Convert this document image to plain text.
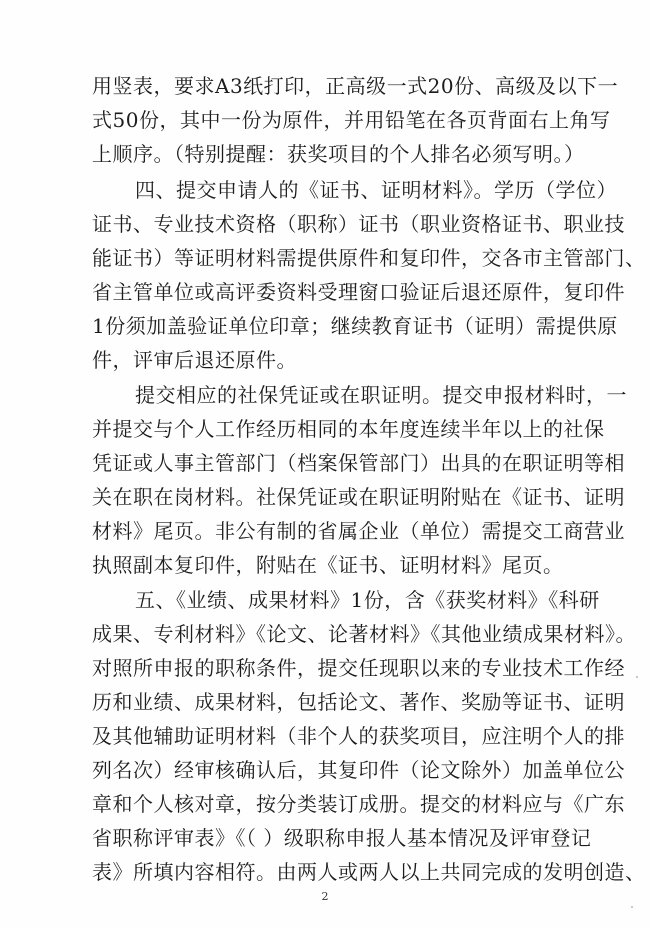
用竖表，要求A3纸打印，正高级一式20份、高级及以下一
式50份，其中一份为原件，并用铅笔在各页背面右上角写
上顺序。（特别提醒：获奖项目的个人排名必须写明。）
四、提交申请人的《证书、证明材料》。学历（学位）
证书、专业技术资格（职称）证书（职业资格证书、职业技
能证书）等证明材料需提供原件和复印件，交各市主管部门、
省主管单位或高评委资料受理窗口验证后退还原件，复印件
1份须加盖验证单位印章；继续教育证书（证明）需提供原
件，评审后退还原件。
提交相应的社保凭证或在职证明。提交申报材料时，一
并提交与个人工作经历相同的本年度连续半年以上的社保
凭证或人事主管部门（档案保管部门）出具的在职证明等相
关在职在岗材料。社保凭证或在职证明附贴在《证书、证明
材料》尾页。非公有制的省属企业（单位）需提交工商营业
执照副本复印件，附贴在《证书、证明材料》尾页。
五、《业绩、成果材料》1份，含《获奖材料》《科研
成果、专利材料》《论文、论著材料》《其他业绩成果材料》。
对照所申报的职称条件，提交任现职以来的专业技术工作经
历和业绩、成果材料，包括论文、著作、奖励等证书、证明
及其他辅助证明材料（非个人的获奖项目，应注明个人的排
列名次）经审核确认后，其复印件（论文除外）加盖单位公
章和个人核对章，按分类装订成册。提交的材料应与《广东
省职称评审表》《（ ）级职称申报人基本情况及评审登记
表》所填内容相符。由两人或两人以上共同完成的发明创造、
2
